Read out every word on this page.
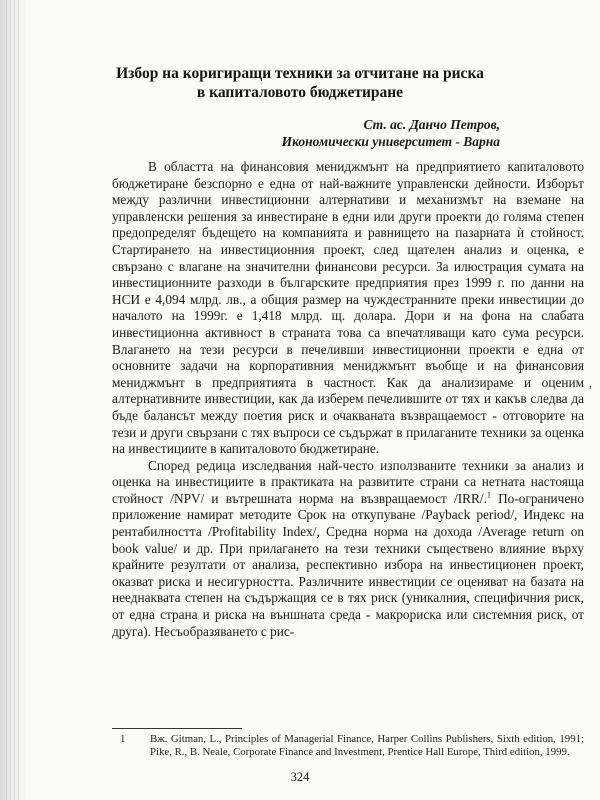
Избор на коригиращи техники за отчитане на риска
в капиталовото бюджетиране
Ст. ас. Данчо Петров,
Икономически университет - Варна

В областта на финансовия мениджмънт на предприятието капиталовото бюджетиране безспорно е една от най-важните управленски дейности. Изборът между различни инвестиционни алтернативи и механизмът на вземане на управленски решения за инвестиране в едни или други проекти до голяма степен предопределят бъдещето на компанията и равнището на пазарната ѝ стойност. Стартирането на инвестиционния проект, след щателен анализ и оценка, е свързано с влагане на значителни финансови ресурси. За илюстрация сумата на инвестиционните разходи в българските предприятия през 1999 г. по данни на НСИ е 4,094 млрд. лв., а общия размер на чуждестранните преки инвестиции до началото на 1999г. е 1,418 млрд. щ. долара. Дори и на фона на слабата инвестиционна активност в страната това са впечатляващи като сума ресурси. Влагането на тези ресурси в печеливши инвестиционни проекти е една от основните задачи на корпоративния мениджмънт въобще и на финансовия мениджмънт в предприятията в частност. Как да анализираме и оценим алтернативните инвестиции, как да изберем печелившите от тях и какъв следва да бъде балансът между поетия риск и очакваната възвращаемост - отговорите на тези и други свързани с тях въпроси се съдържат в прилаганите техники за оценка на инвестициите в капиталовото бюджетиране.

Според редица изследвания най-често използваните техники за анализ и оценка на инвестициите в практиката на развитите страни са нетната настояща стойност /NPV/ и вътрешната норма на възвращаемост /IRR/.$^1$ По-ограничено приложение намират методите Срок на откупуване /Payback period/, Индекс на рентабилността /Profitability Index/, Средна норма на дохода /Average return on book value/ и др. При прилагането на тези техники съществено влияние върху крайните резултати от анализа, респективно избора на инвестиционен проект, оказват риска и несигурността. Различните инвестиции се оценяват на базата на нееднаквата степен на съдържащия се в тях риск (уникалния, специфичния риск, от една страна и риска на външната среда - макрориска или системния риск, от друга). Несъобразяването с рис-

,
1 Вж. Gitman, L., Principles of Managerial Finance, Harper Collins Publishers, Sixth edition, 1991; Pike, R., B. Neale, Corporate Finance and Investment, Prentice Hall Europe, Third edition, 1999.
324
